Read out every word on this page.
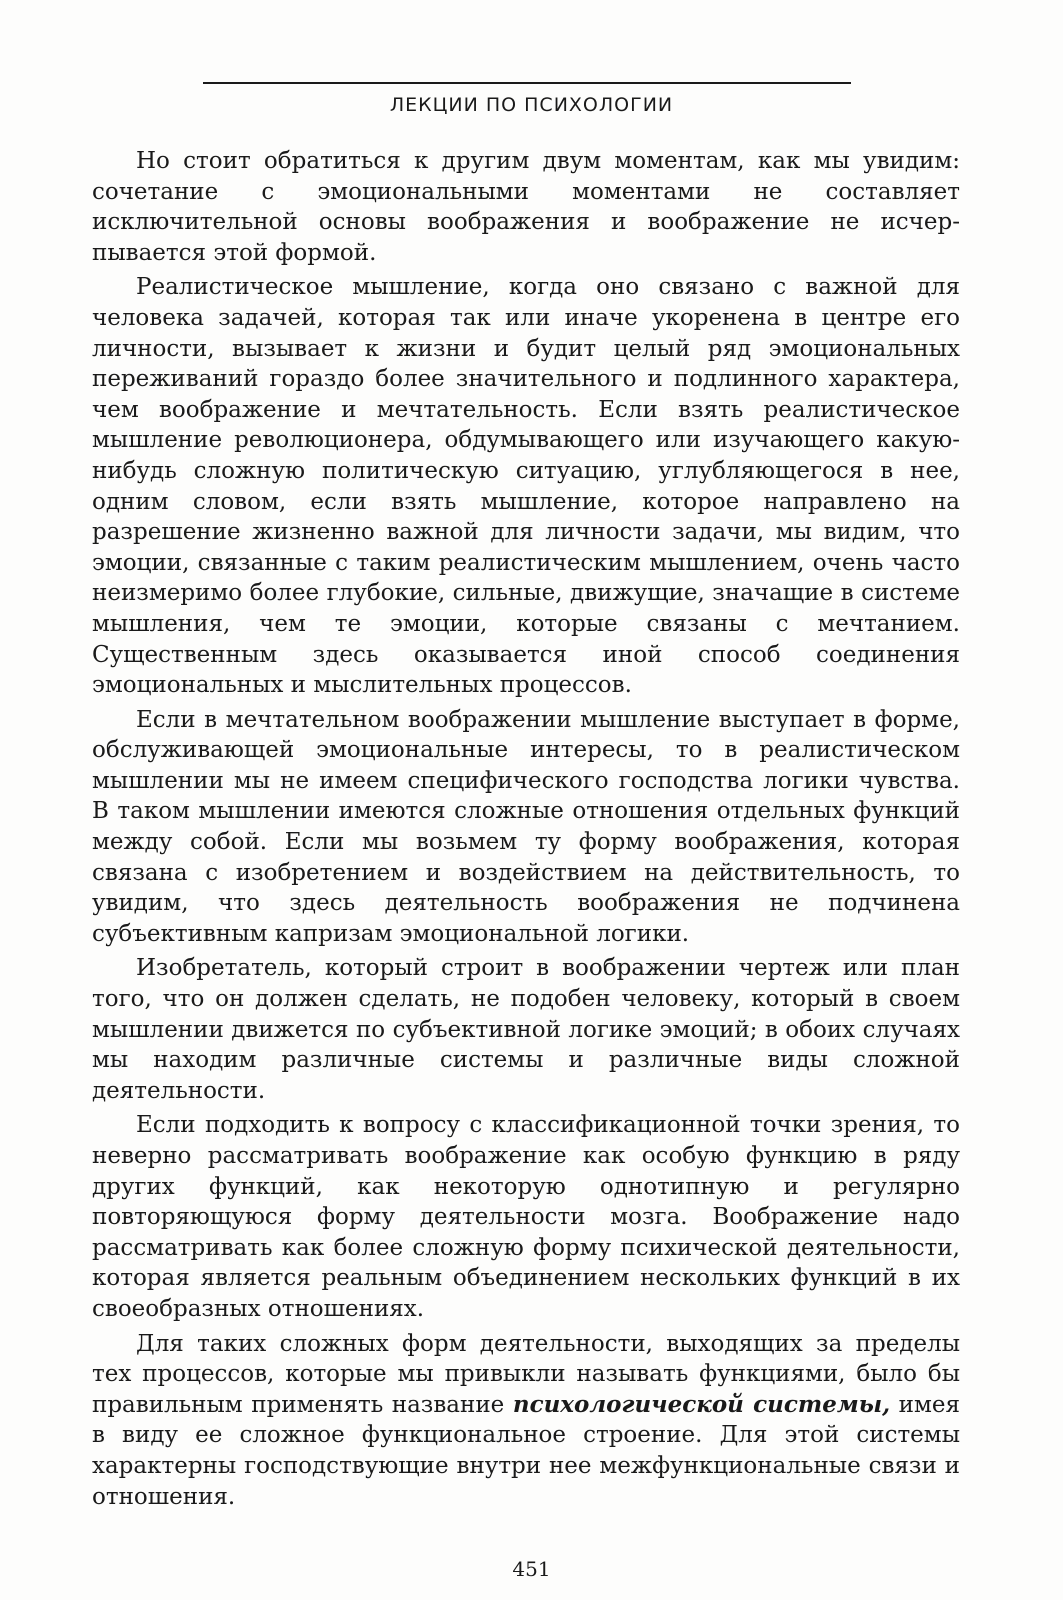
ЛЕКЦИИ ПО ПСИХОЛОГИИ

Но стоит обратиться к другим двум моментам, как мы увидим: сочетание с эмоциональными моментами не составляет исключительной основы воображения и воображение не исчерпывается этой формой.

Реалистическое мышление, когда оно связано с важной для человека задачей, которая так или иначе укоренена в центре его личности, вызывает к жизни и будит целый ряд эмоциональных переживаний гораздо более значительного и подлинного характера, чем воображение и мечтательность. Если взять реалистическое мышление революционера, обдумывающего или изучающего какую-нибудь сложную политическую ситуацию, углубляющегося в нее, одним словом, если взять мышление, которое направлено на разрешение жизненно важной для личности задачи, мы видим, что эмоции, связанные с таким реалистическим мышлением, очень часто неизмеримо более глубокие, сильные, движущие, значащие в системе мышления, чем те эмоции, которые связаны с мечтанием. Существенным здесь оказывается иной способ соединения эмоциональных и мыслительных процессов.

Если в мечтательном воображении мышление выступает в форме, обслуживающей эмоциональные интересы, то в реалистическом мышлении мы не имеем специфического господства логики чувства. В таком мышлении имеются сложные отношения отдельных функций между собой. Если мы возьмем ту форму воображения, которая связана с изобретением и воздействием на действительность, то увидим, что здесь деятельность воображения не подчинена субъективным капризам эмоциональной логики.

Изобретатель, который строит в воображении чертеж или план того, что он должен сделать, не подобен человеку, который в своем мышлении движется по субъективной логике эмоций; в обоих случаях мы находим различные системы и различные виды сложной деятельности.

Если подходить к вопросу с классификационной точки зрения, то неверно рассматривать воображение как особую функцию в ряду других функций, как некоторую однотипную и регулярно повторяющуюся форму деятельности мозга. Воображение надо рассматривать как более сложную форму психической деятельности, которая является реальным объединением нескольких функций в их своеобразных отношениях.

Для таких сложных форм деятельности, выходящих за пределы тех процессов, которые мы привыкли называть функциями, было бы правильным применять название психологической системы, имея в виду ее сложное функциональное строение. Для этой системы характерны господствующие внутри нее межфункциональные связи и отношения.

451
